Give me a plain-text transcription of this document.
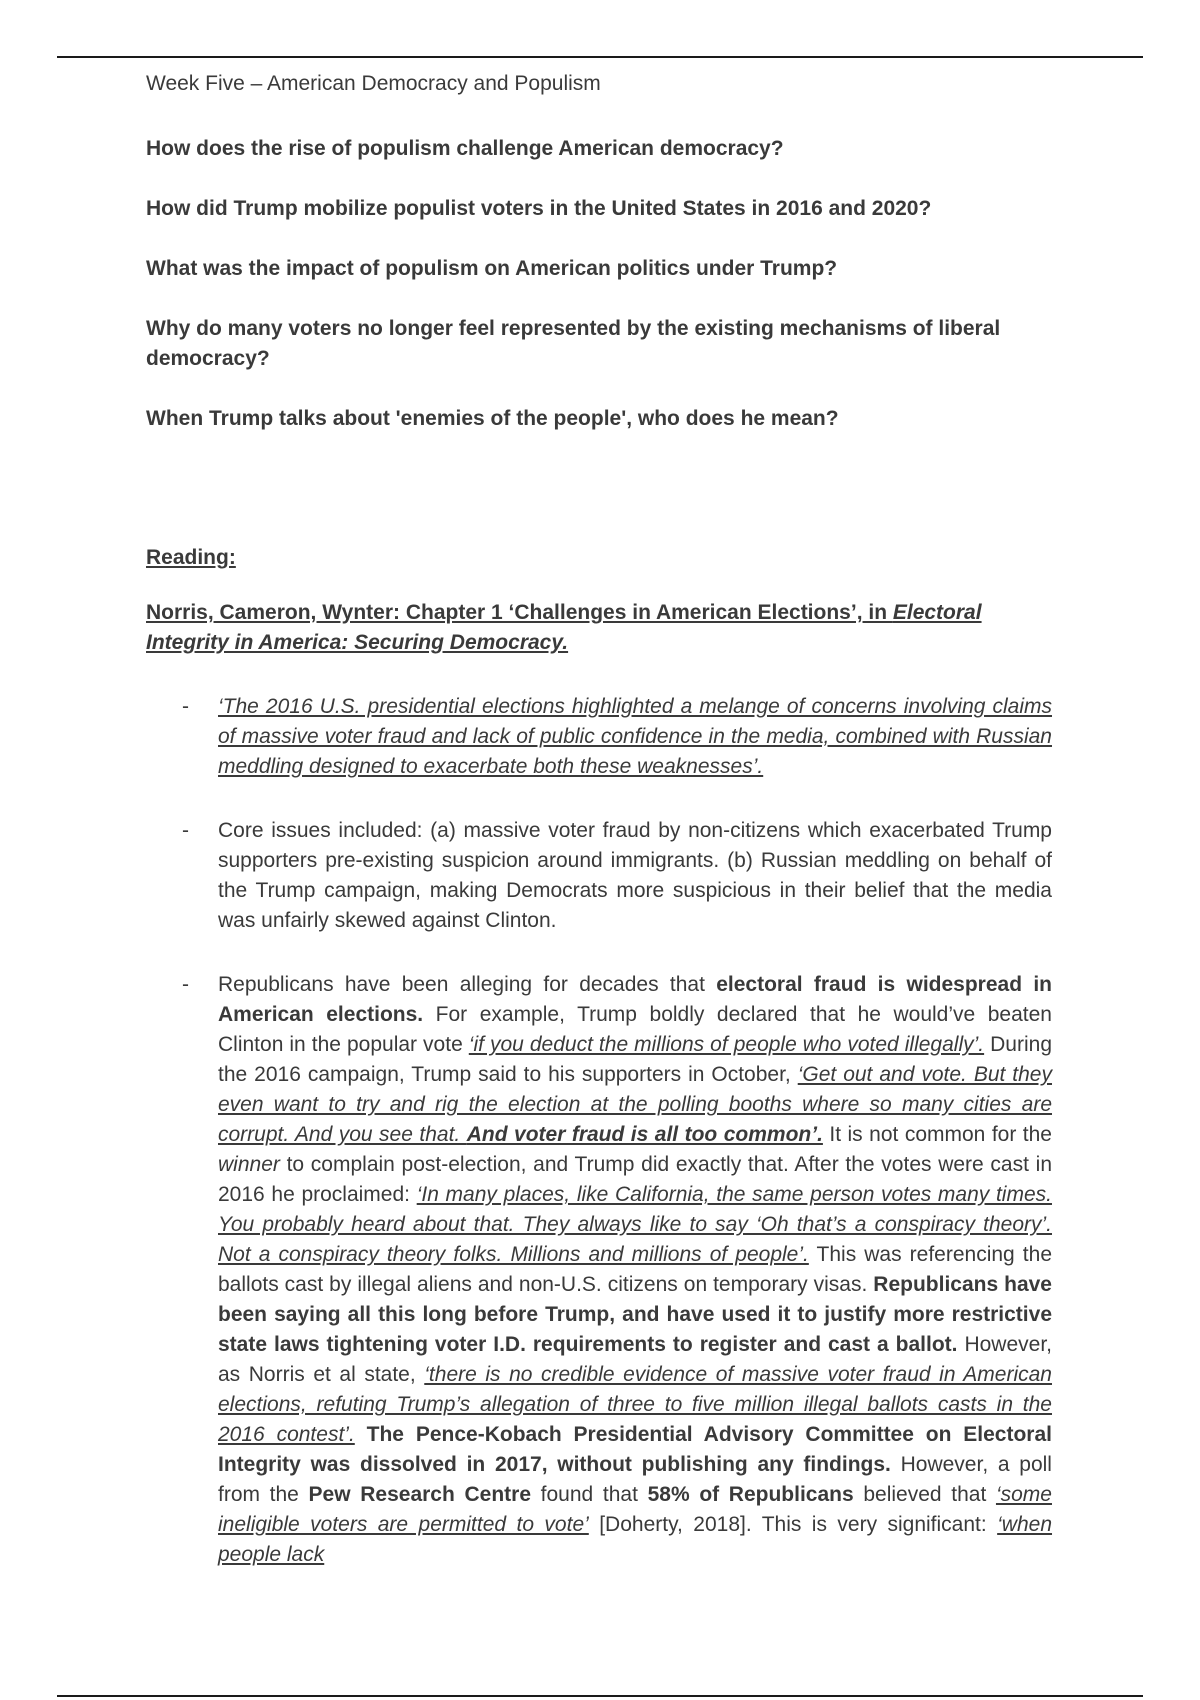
Week Five – American Democracy and Populism
How does the rise of populism challenge American democracy?
How did Trump mobilize populist voters in the United States in 2016 and 2020?
What was the impact of populism on American politics under Trump?
Why do many voters no longer feel represented by the existing mechanisms of liberal democracy?
When Trump talks about 'enemies of the people', who does he mean?
Reading:
Norris, Cameron, Wynter: Chapter 1 ‘Challenges in American Elections’, in Electoral Integrity in America: Securing Democracy.
- ‘The 2016 U.S. presidential elections highlighted a melange of concerns involving claims of massive voter fraud and lack of public confidence in the media, combined with Russian meddling designed to exacerbate both these weaknesses’.
- Core issues included: (a) massive voter fraud by non-citizens which exacerbated Trump supporters pre-existing suspicion around immigrants. (b) Russian meddling on behalf of the Trump campaign, making Democrats more suspicious in their belief that the media was unfairly skewed against Clinton.
- Republicans have been alleging for decades that electoral fraud is widespread in American elections. For example, Trump boldly declared that he would’ve beaten Clinton in the popular vote ‘if you deduct the millions of people who voted illegally’. During the 2016 campaign, Trump said to his supporters in October, ‘Get out and vote. But they even want to try and rig the election at the polling booths where so many cities are corrupt. And you see that. And voter fraud is all too common’. It is not common for the winner to complain post-election, and Trump did exactly that. After the votes were cast in 2016 he proclaimed: ‘In many places, like California, the same person votes many times. You probably heard about that. They always like to say ‘Oh that’s a conspiracy theory’. Not a conspiracy theory folks. Millions and millions of people’. This was referencing the ballots cast by illegal aliens and non-U.S. citizens on temporary visas. Republicans have been saying all this long before Trump, and have used it to justify more restrictive state laws tightening voter I.D. requirements to register and cast a ballot. However, as Norris et al state, ‘there is no credible evidence of massive voter fraud in American elections, refuting Trump’s allegation of three to five million illegal ballots casts in the 2016 contest’. The Pence-Kobach Presidential Advisory Committee on Electoral Integrity was dissolved in 2017, without publishing any findings. However, a poll from the Pew Research Centre found that 58% of Republicans believed that ‘some ineligible voters are permitted to vote’ [Doherty, 2018]. This is very significant: ‘when people lack
